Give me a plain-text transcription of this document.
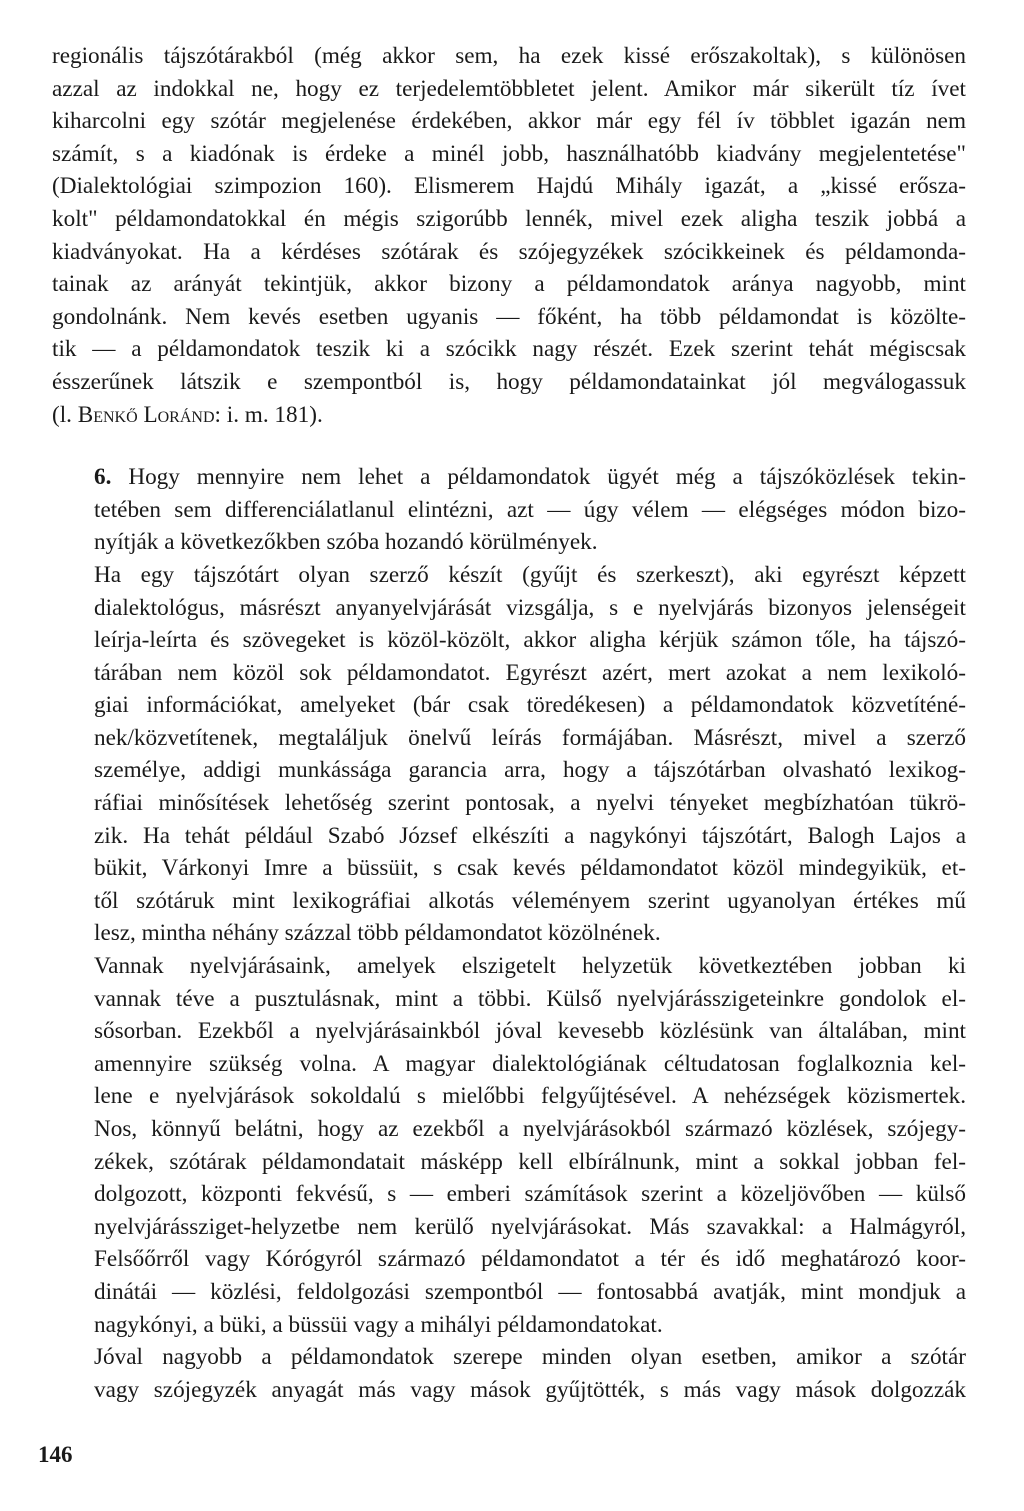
regionális tájszótárakból (még akkor sem, ha ezek kissé erőszakoltak), s különösen
azzal az indokkal ne, hogy ez terjedelemtöbbletet jelent. Amikor már sikerült tíz ívet
kiharcolni egy szótár megjelenése érdekében, akkor már egy fél ív többlet igazán nem
számít, s a kiadónak is érdeke a minél jobb, használhatóbb kiadvány megjelentetése"
(Dialektológiai szimpozion 160). Elismerem Hajdú Mihály igazát, a „kissé erősza-
kolt" példamondatokkal én mégis szigorúbb lennék, mivel ezek aligha teszik jobbá a
kiadványokat. Ha a kérdéses szótárak és szójegyzékek szócikkeinek és példamonda-
tainak az arányát tekintjük, akkor bizony a példamondatok aránya nagyobb, mint
gondolnánk. Nem kevés esetben ugyanis — főként, ha több példamondat is közölte-
tik — a példamondatok teszik ki a szócikk nagy részét. Ezek szerint tehát mégiscsak
ésszerűnek látszik e szempontból is, hogy példamondatainkat jól megválogassuk
(l. Benkő Loránd: i. m. 181).
6. Hogy mennyire nem lehet a példamondatok ügyét még a tájszóközlések tekin-
tetében sem differenciálatlanul elintézni, azt — úgy vélem — elégséges módon bizo-
nyítják a következőkben szóba hozandó körülmények.
Ha egy tájszótárt olyan szerző készít (gyűjt és szerkeszt), aki egyrészt képzett
dialektológus, másrészt anyanyelvjárását vizsgálja, s e nyelvjárás bizonyos jelenségeit
leírja-leírta és szövegeket is közöl-közölt, akkor aligha kérjük számon tőle, ha tájszó-
tárában nem közöl sok példamondatot. Egyrészt azért, mert azokat a nem lexikoló-
giai információkat, amelyeket (bár csak töredékesen) a példamondatok közvetíténé-
nek/közvetítenek, megtaláljuk önelvű leírás formájában. Másrészt, mivel a szerző
személye, addigi munkássága garancia arra, hogy a tájszótárban olvasható lexikog-
ráfiai minősítések lehetőség szerint pontosak, a nyelvi tényeket megbízhatóan tükrö-
zik. Ha tehát például Szabó József elkészíti a nagykónyi tájszótárt, Balogh Lajos a
bükit, Várkonyi Imre a büssüit, s csak kevés példamondatot közöl mindegyikük, et-
től szótáruk mint lexikográfiai alkotás véleményem szerint ugyanolyan értékes mű
lesz, mintha néhány százzal több példamondatot közölnének.
Vannak nyelvjárásaink, amelyek elszigetelt helyzetük következtében jobban ki
vannak téve a pusztulásnak, mint a többi. Külső nyelvjárásszigeteinkre gondolok el-
sősorban. Ezekből a nyelvjárásainkból jóval kevesebb közlésünk van általában, mint
amennyire szükség volna. A magyar dialektológiának céltudatosan foglalkoznia kel-
lene e nyelvjárások sokoldalú s mielőbbi felgyűjtésével. A nehézségek közismertek.
Nos, könnyű belátni, hogy az ezekből a nyelvjárásokból származó közlések, szójegy-
zékek, szótárak példamondatait másképp kell elbírálnunk, mint a sokkal jobban fel-
dolgozott, központi fekvésű, s — emberi számítások szerint a közeljövőben — külső
nyelvjárássziget-helyzetbe nem kerülő nyelvjárásokat. Más szavakkal: a Halmágyról,
Felsőőrről vagy Kórógyról származó példamondatot a tér és idő meghatározó koor-
dinátái — közlési, feldolgozási szempontból — fontosabbá avatják, mint mondjuk a
nagykónyi, a büki, a büssüi vagy a mihályi példamondatokat.
Jóval nagyobb a példamondatok szerepe minden olyan esetben, amikor a szótár
vagy szójegyzék anyagát más vagy mások gyűjtötték, s más vagy mások dolgozzák
146
